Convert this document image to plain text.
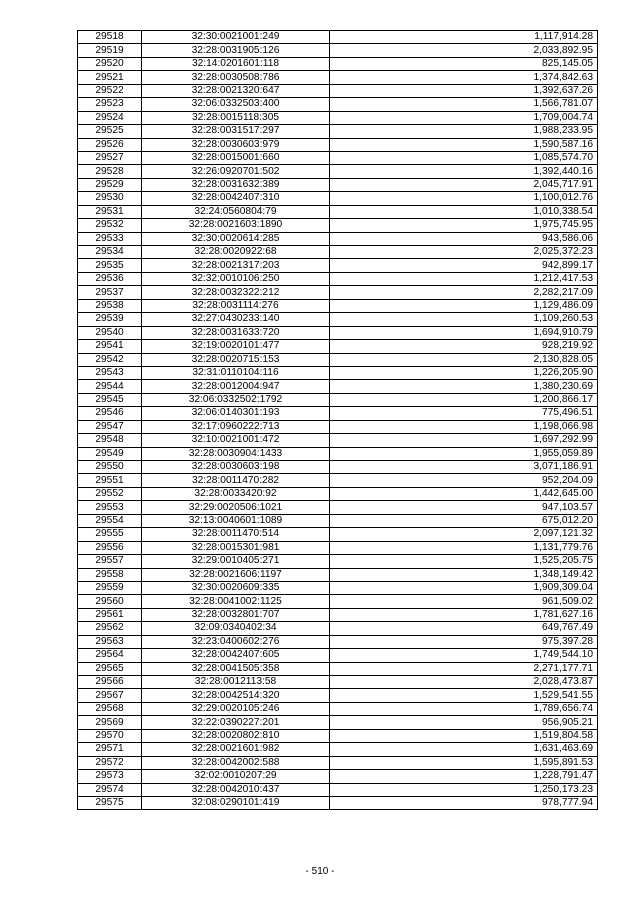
29518	32:30:0021001:249	1,117,914.28
29519	32:28:0031905:126	2,033,892.95
29520	32:14:0201601:118	825,145.05
29521	32:28:0030508:786	1,374,842.63
29522	32:28:0021320:647	1,392,637.26
29523	32:06:0332503:400	1,566,781.07
29524	32:28:0015118:305	1,709,004.74
29525	32:28:0031517:297	1,988,233.95
29526	32:28:0030603:979	1,590,587.16
29527	32:28:0015001:660	1,085,574.70
29528	32:26:0920701:502	1,392,440.16
29529	32:28:0031632:389	2,045,717.91
29530	32:28:0042407:310	1,100,012.76
29531	32:24:0560804:79	1,010,338.54
29532	32:28:0021603:1890	1,975,745.95
29533	32:30:0020614:285	943,586.06
29534	32:28:0020922:68	2,025,372.23
29535	32:28:0021317:203	942,899.17
29536	32:32:0010106:250	1,212,417.53
29537	32:28:0032322:212	2,282,217.09
29538	32:28:0031114:276	1,129,486.09
29539	32:27:0430233:140	1,109,260.53
29540	32:28:0031633:720	1,694,910.79
29541	32:19:0020101:477	928,219.92
29542	32:28:0020715:153	2,130,828.05
29543	32:31:0110104:116	1,226,205.90
29544	32:28:0012004:947	1,380,230.69
29545	32:06:0332502:1792	1,200,866.17
29546	32:06:0140301:193	775,496.51
29547	32:17:0960222:713	1,198,066.98
29548	32:10:0021001:472	1,697,292.99
29549	32:28:0030904:1433	1,955,059.89
29550	32:28:0030603:198	3,071,186.91
29551	32:28:0011470:282	952,204.09
29552	32:28:0033420:92	1,442,645.00
29553	32:29:0020506:1021	947,103.57
29554	32:13:0040601:1089	675,012.20
29555	32:28:0011470:514	2,097,121.32
29556	32:28:0015301:981	1,131,779.76
29557	32:29:0010405:271	1,525,205.75
29558	32:28:0021606:1197	1,348,149.42
29559	32:30:0020609:335	1,909,309.04
29560	32:28:0041002:1125	961,509.02
29561	32:28:0032801:707	1,781,627.16
29562	32:09:0340402:34	649,767.49
29563	32:23:0400602:276	975,397.28
29564	32:28:0042407:605	1,749,544.10
29565	32:28:0041505:358	2,271,177.71
29566	32:28:0012113:58	2,028,473.87
29567	32:28:0042514:320	1,529,541.55
29568	32:29:0020105:246	1,789,656.74
29569	32:22:0390227:201	956,905.21
29570	32:28:0020802:810	1,519,804.58
29571	32:28:0021601:982	1,631,463.69
29572	32:28:0042002:588	1,595,891.53
29573	32:02:0010207:29	1,228,791.47
29574	32:28:0042010:437	1,250,173.23
29575	32:08:0290101:419	978,777.94
- 510 -
